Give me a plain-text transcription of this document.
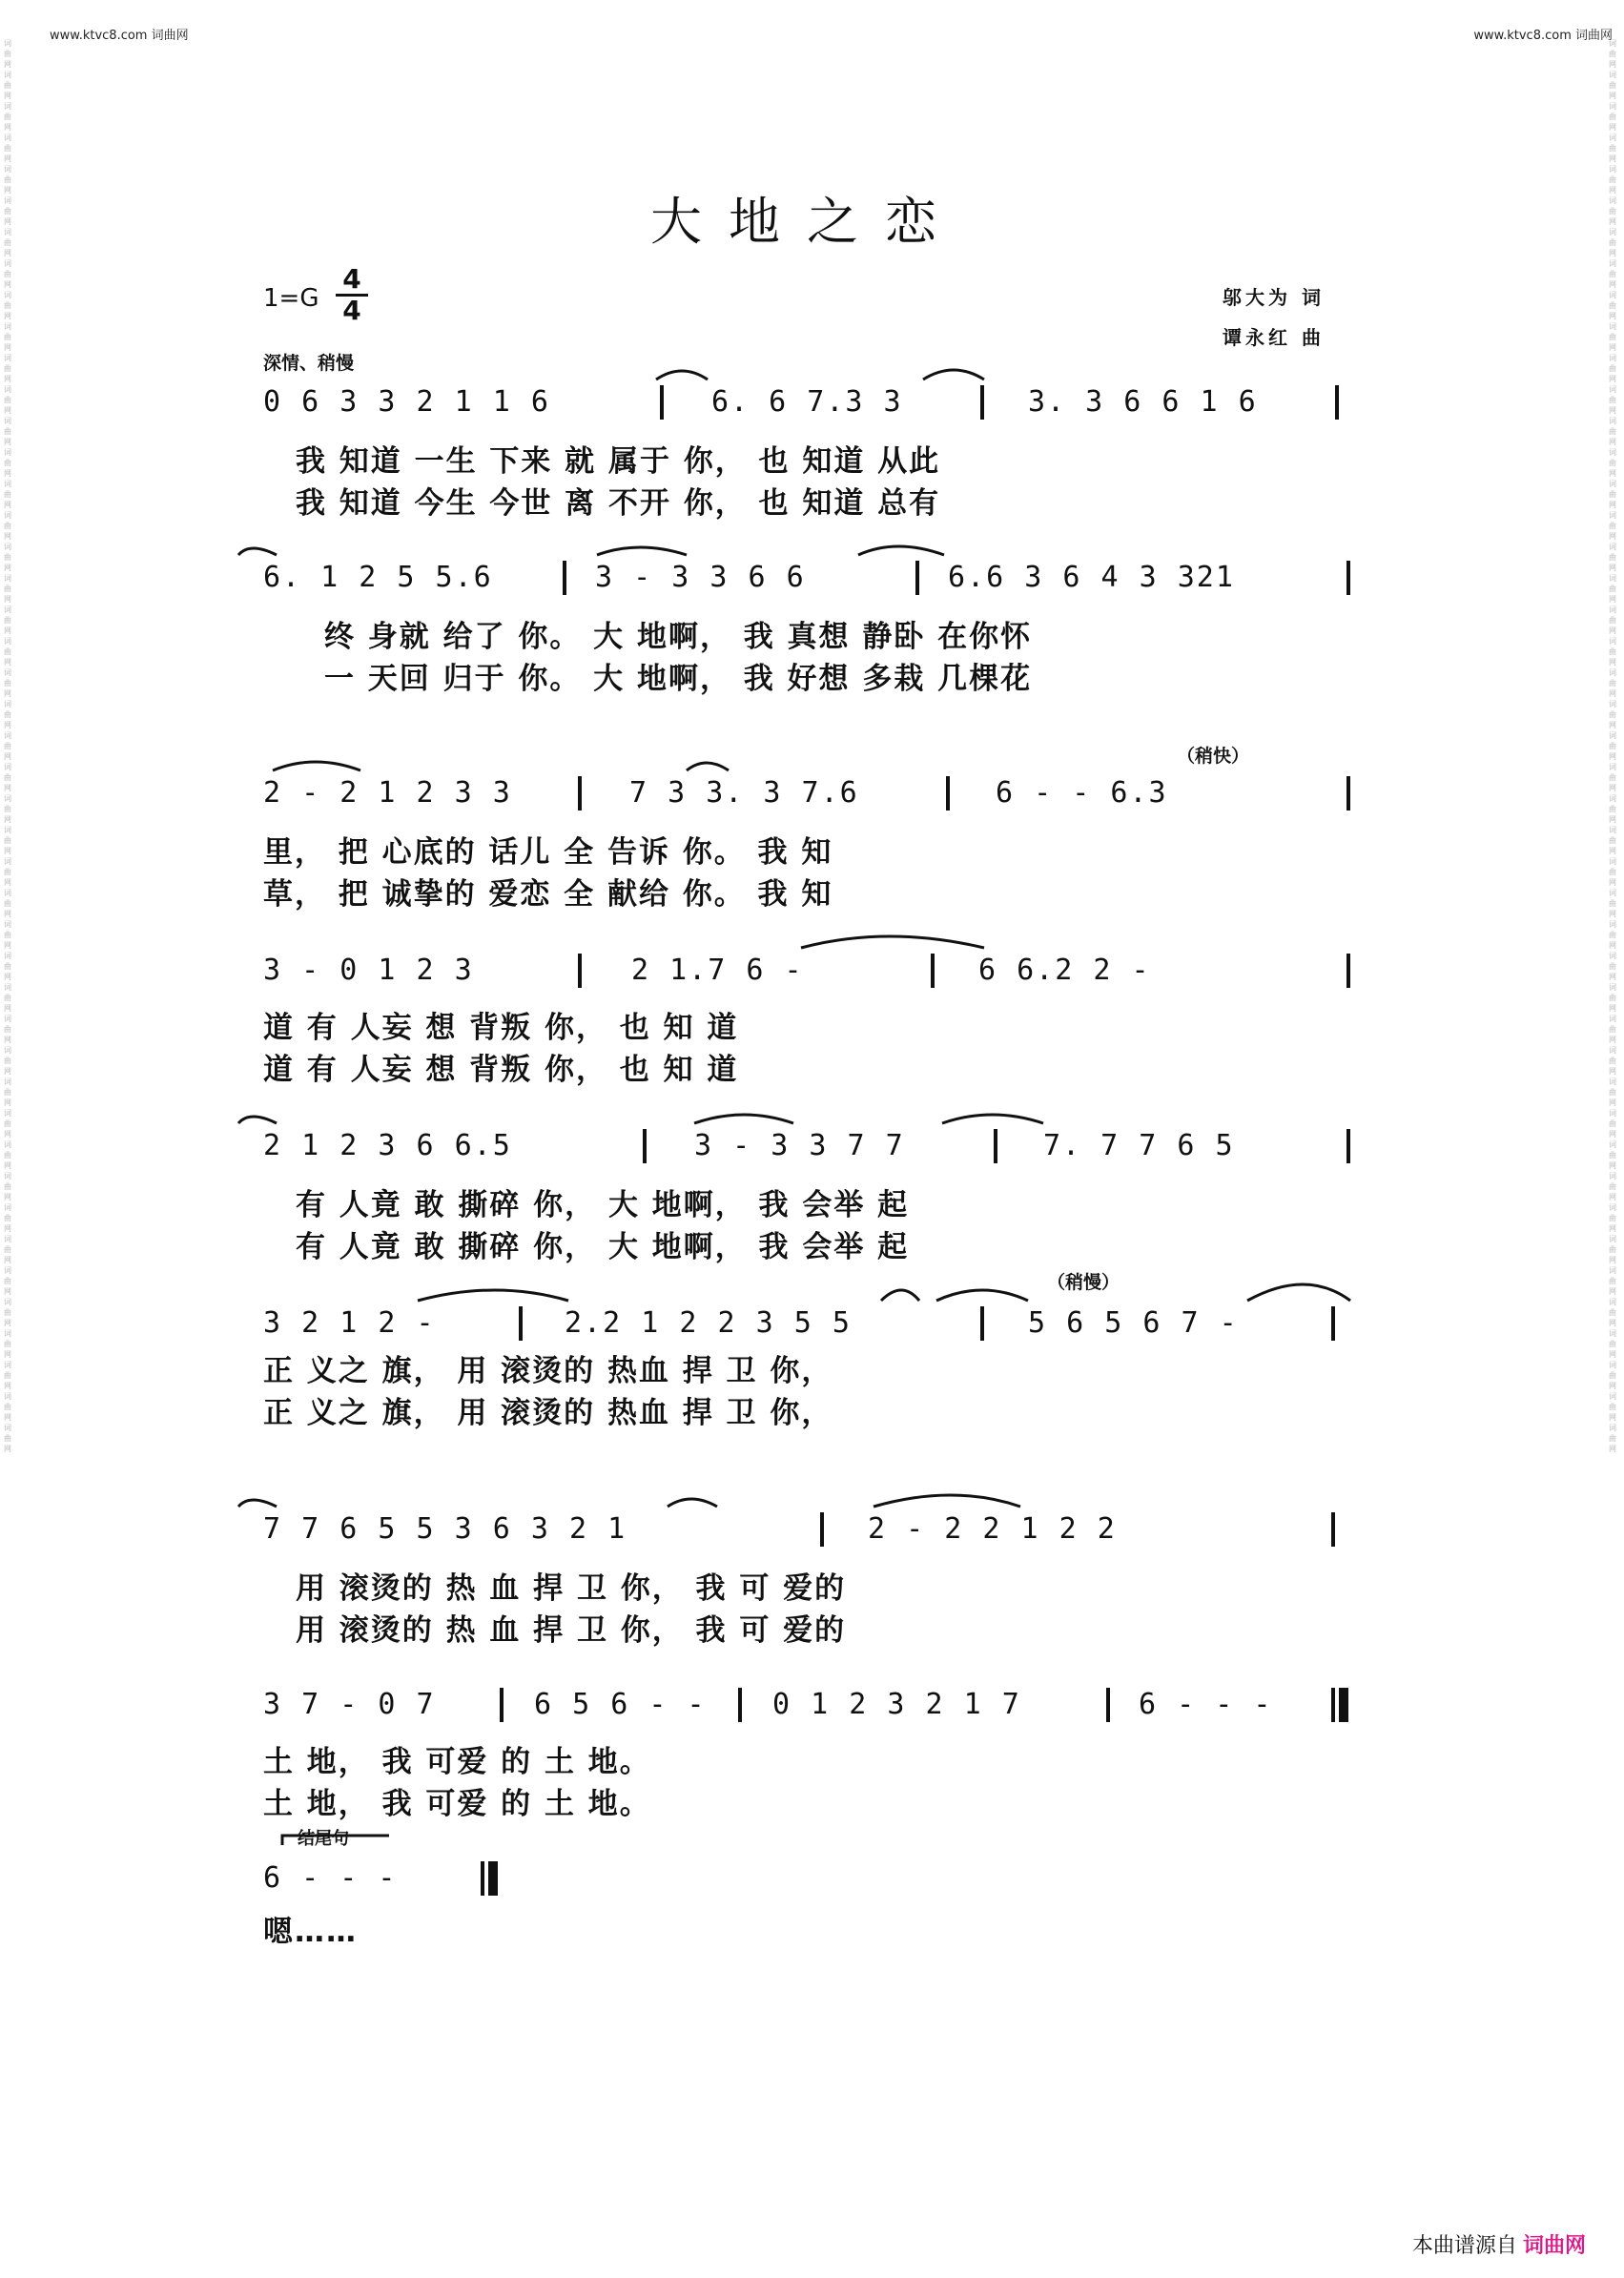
www.ktvc8.com 词曲网	www.ktvc8.com 词曲网
词曲网词曲网词曲网词曲网词曲网词曲网词曲网词曲网词曲网词曲网词曲网词曲网词曲网词曲网词曲网词曲网词曲网词曲网词曲网词曲网词曲网词曲网词曲网词曲网词曲网词曲网词曲网词曲网词曲网词曲网词曲网词曲网词曲网词曲网词曲网词曲网词曲网词曲网词曲网词曲网词曲网词曲网词曲网词曲网词曲网
词曲网词曲网词曲网词曲网词曲网词曲网词曲网词曲网词曲网词曲网词曲网词曲网词曲网词曲网词曲网词曲网词曲网词曲网词曲网词曲网词曲网词曲网词曲网词曲网词曲网词曲网词曲网词曲网词曲网词曲网词曲网词曲网词曲网词曲网词曲网词曲网词曲网词曲网词曲网词曲网词曲网词曲网词曲网词曲网词曲网
大地之恋
$1=G \frac{4}{4}$	邬大为 词
谭永红 曲
深情、稍慢
0 6 3 3 2 1 1 6	6. 6 7.3 3	3. 3 6 6 1 6
我 知道 一生 下来 就 属于 你， 也 知道 从此
我 知道 今生 今世 离 不开 你， 也 知道 总有
6. 1 2 5 5.6	3 - 3 3 6 6	6.6 3 6 4 3 321
终 身就 给了 你。 大 地啊， 我 真想 静卧 在你怀
一 天回 归于 你。 大 地啊， 我 好想 多栽 几棵花
（稍快）
2 - 2 1 2 3 3	7 3 3. 3 7.6	6 - - 6.3
里， 把 心底的 话儿 全 告诉 你。 我 知
草， 把 诚挚的 爱恋 全 献给 你。 我 知
3 - 0 1 2 3	2 1.7 6 -	6 6.2 2 -
道 有 人妄 想 背叛 你， 也 知 道
道 有 人妄 想 背叛 你， 也 知 道
2 1 2 3 6 6.5	3 - 3 3 7 7	7. 7 7 6 5
有 人竟 敢 撕碎 你， 大 地啊， 我 会举 起
有 人竟 敢 撕碎 你， 大 地啊， 我 会举 起
（稍慢）
3 2 1 2 -	2.2 1 2 2 3 5 5	5 6 5 6 7 -
正 义之 旗， 用 滚烫的 热血 捍 卫 你，
正 义之 旗， 用 滚烫的 热血 捍 卫 你，
7 7 6 5 5 3 6 3 2 1	2 - 2 2 1 2 2
用 滚烫的 热 血 捍 卫 你， 我 可 爱的
用 滚烫的 热 血 捍 卫 你， 我 可 爱的
3 7 - 0 7	6 5 6 - - 0 1 2 3 2 1 7	6 - - -
土 地， 我 可爱 的 土 地。
土 地， 我 可爱 的 土 地。
结尾句
6 - - -
嗯……
本曲谱源自 词曲网
